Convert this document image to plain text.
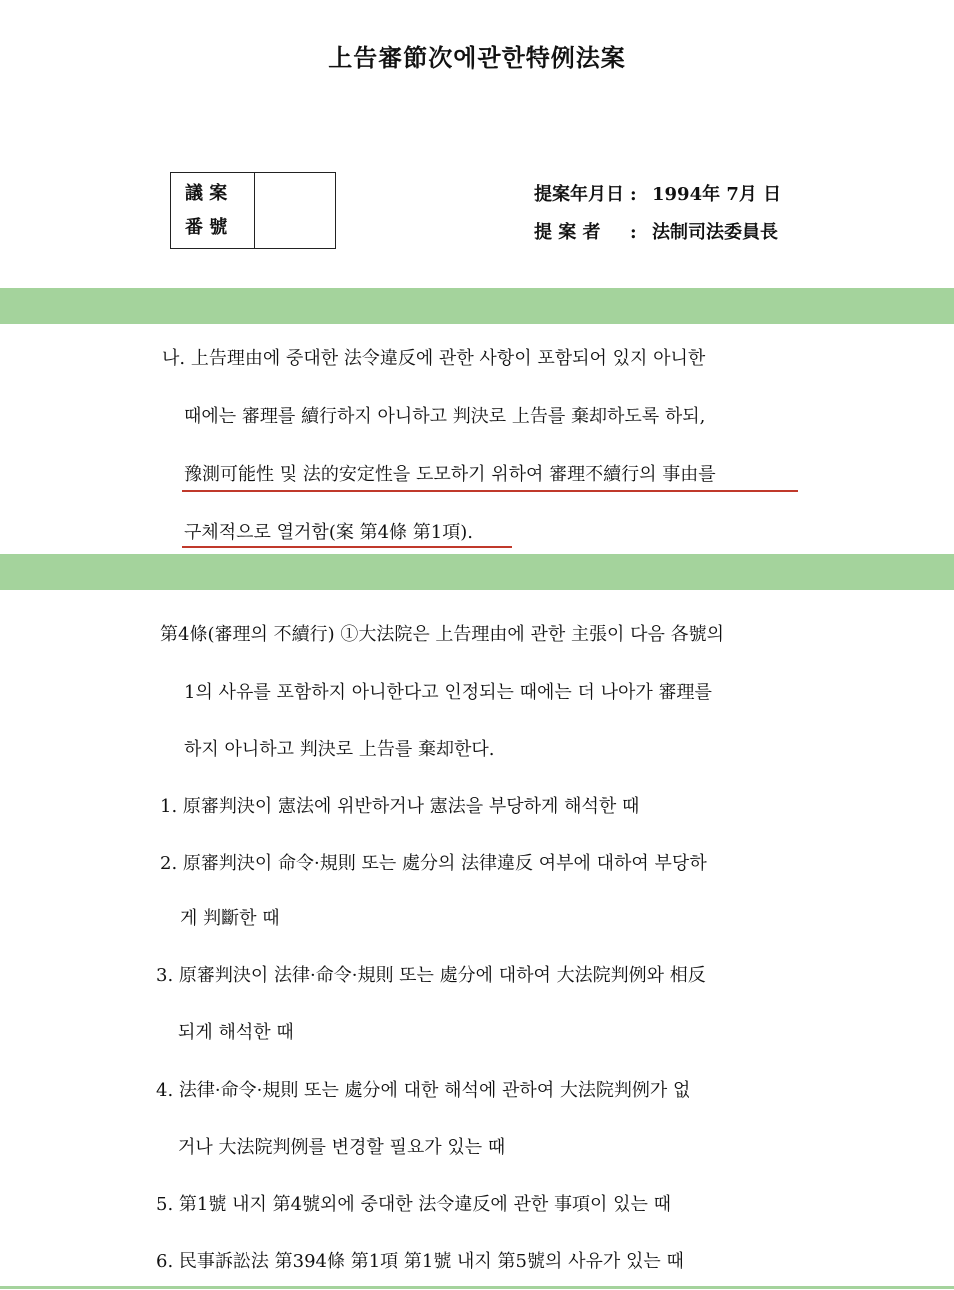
上告審節次에관한特例法案
議 案
番 號
提案年月日 : 1994年 7月 日
提 案 者	: 法制司法委員長
나. 上告理由에 중대한 法令違反에 관한 사항이 포함되어 있지 아니한
때에는 審理를 續行하지 아니하고 判決로 上告를 棄却하도록 하되,
豫測可能性 및 法的安定性을 도모하기 위하여 審理不續行의 事由를
구체적으로 열거함(案 第4條 第1項).
第4條(審理의 不續行) ①大法院은 上告理由에 관한 主張이 다음 各號의
1의 사유를 포함하지 아니한다고 인정되는 때에는 더 나아가 審理를
하지 아니하고 判決로 上告를 棄却한다.
1. 原審判決이 憲法에 위반하거나 憲法을 부당하게 해석한 때
2. 原審判決이 命令·規則 또는 處分의 法律違反 여부에 대하여 부당하
게 判斷한 때
3. 原審判決이 法律·命令·規則 또는 處分에 대하여 大法院判例와 相反
되게 해석한 때
4. 法律·命令·規則 또는 處分에 대한 해석에 관하여 大法院判例가 없
거나 大法院判例를 변경할 필요가 있는 때
5. 第1號 내지 第4號외에 중대한 法令違反에 관한 事項이 있는 때
6. 民事訴訟法 第394條 第1項 第1號 내지 第5號의 사유가 있는 때
